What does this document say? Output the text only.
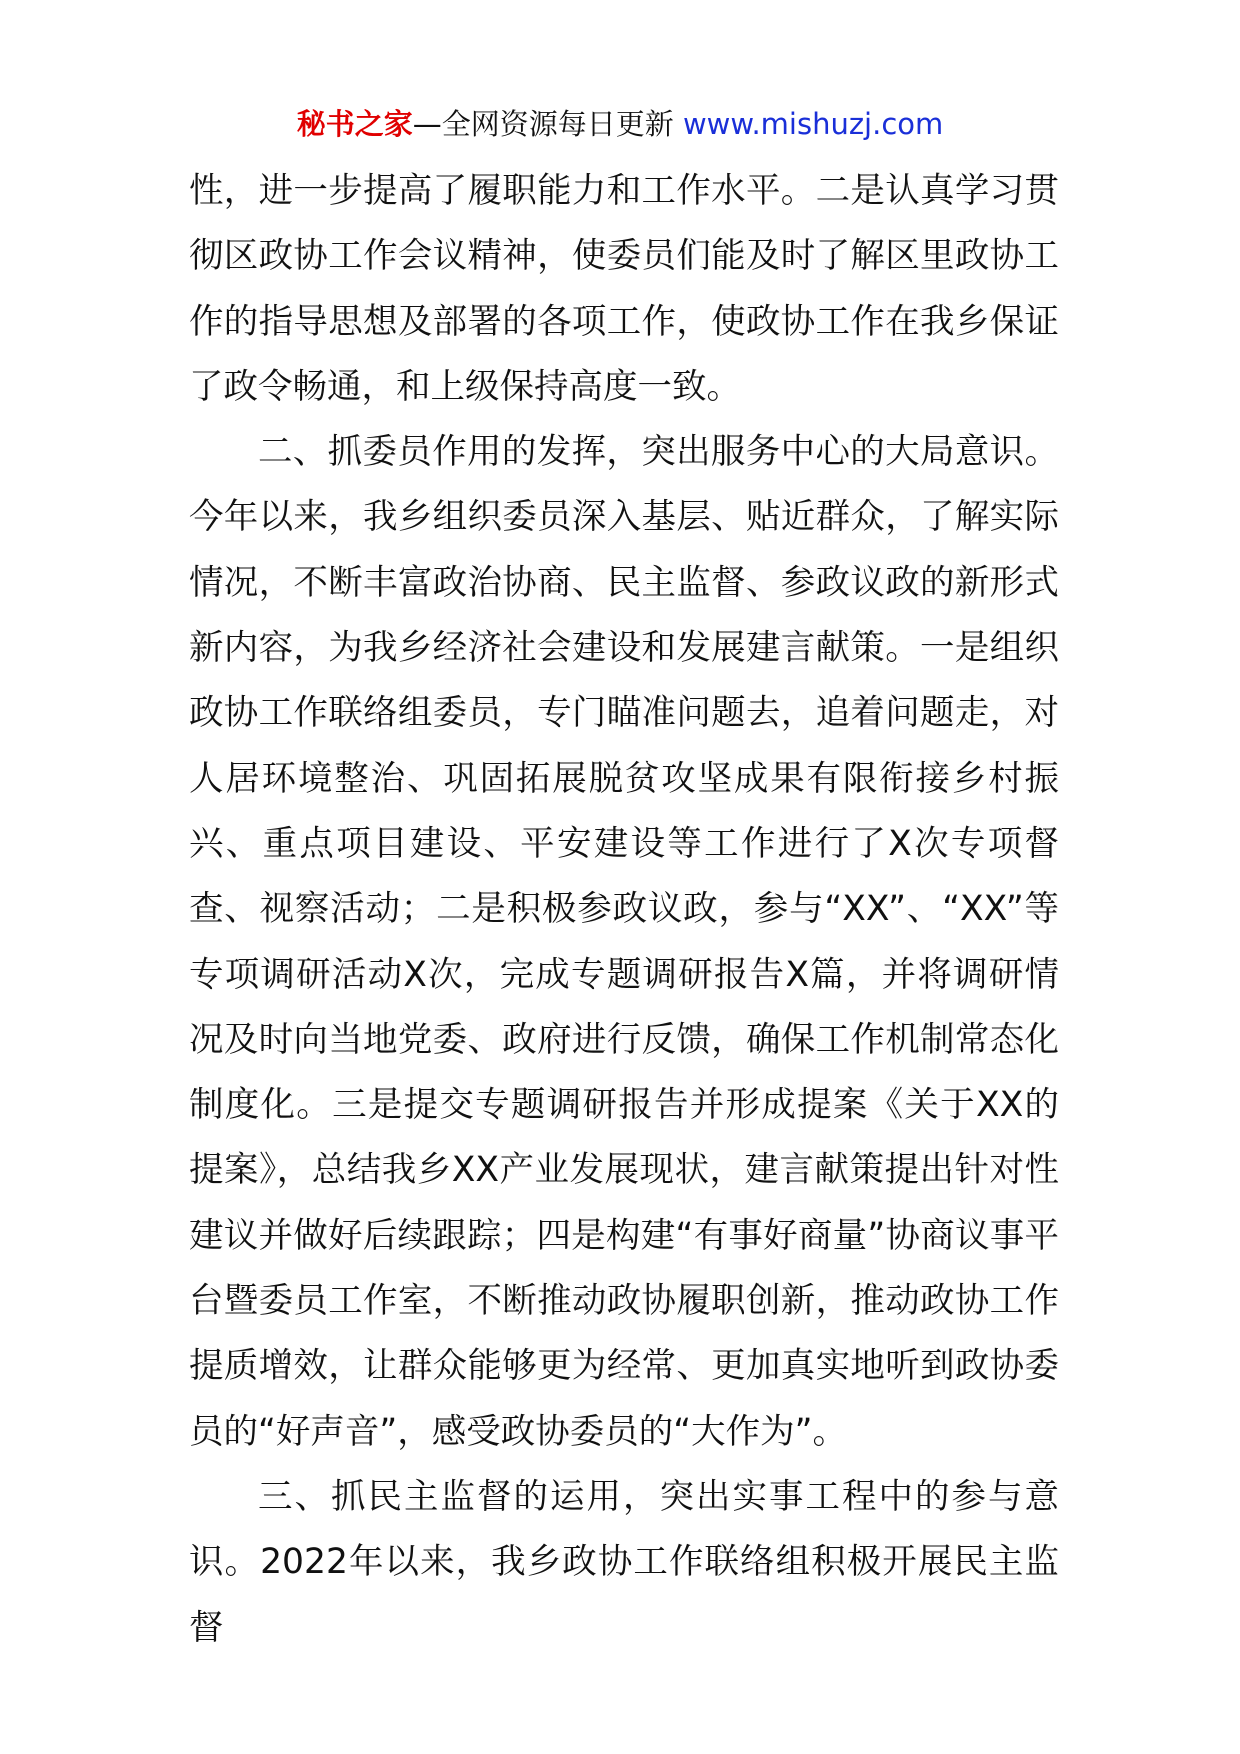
秘书之家—全网资源每日更新 www.mishuzj.com

性，进一步提高了履职能力和工作水平。二是认真学习贯彻区政协工作会议精神，使委员们能及时了解区里政协工作的指导思想及部署的各项工作，使政协工作在我乡保证了政令畅通，和上级保持高度一致。

二、抓委员作用的发挥，突出服务中心的大局意识。今年以来，我乡组织委员深入基层、贴近群众，了解实际情况，不断丰富政治协商、民主监督、参政议政的新形式新内容，为我乡经济社会建设和发展建言献策。一是组织政协工作联络组委员，专门瞄准问题去，追着问题走，对人居环境整治、巩固拓展脱贫攻坚成果有限衔接乡村振兴、重点项目建设、平安建设等工作进行了X次专项督查、视察活动；二是积极参政议政，参与“XX”、“XX”等专项调研活动X次，完成专题调研报告X篇，并将调研情况及时向当地党委、政府进行反馈，确保工作机制常态化制度化。三是提交专题调研报告并形成提案《关于XX的提案》，总结我乡XX产业发展现状，建言献策提出针对性建议并做好后续跟踪；四是构建“有事好商量”协商议事平台暨委员工作室，不断推动政协履职创新，推动政协工作提质增效，让群众能够更为经常、更加真实地听到政协委员的“好声音”，感受政协委员的“大作为”。

三、抓民主监督的运用，突出实事工程中的参与意识。2022年以来，我乡政协工作联络组积极开展民主监督
